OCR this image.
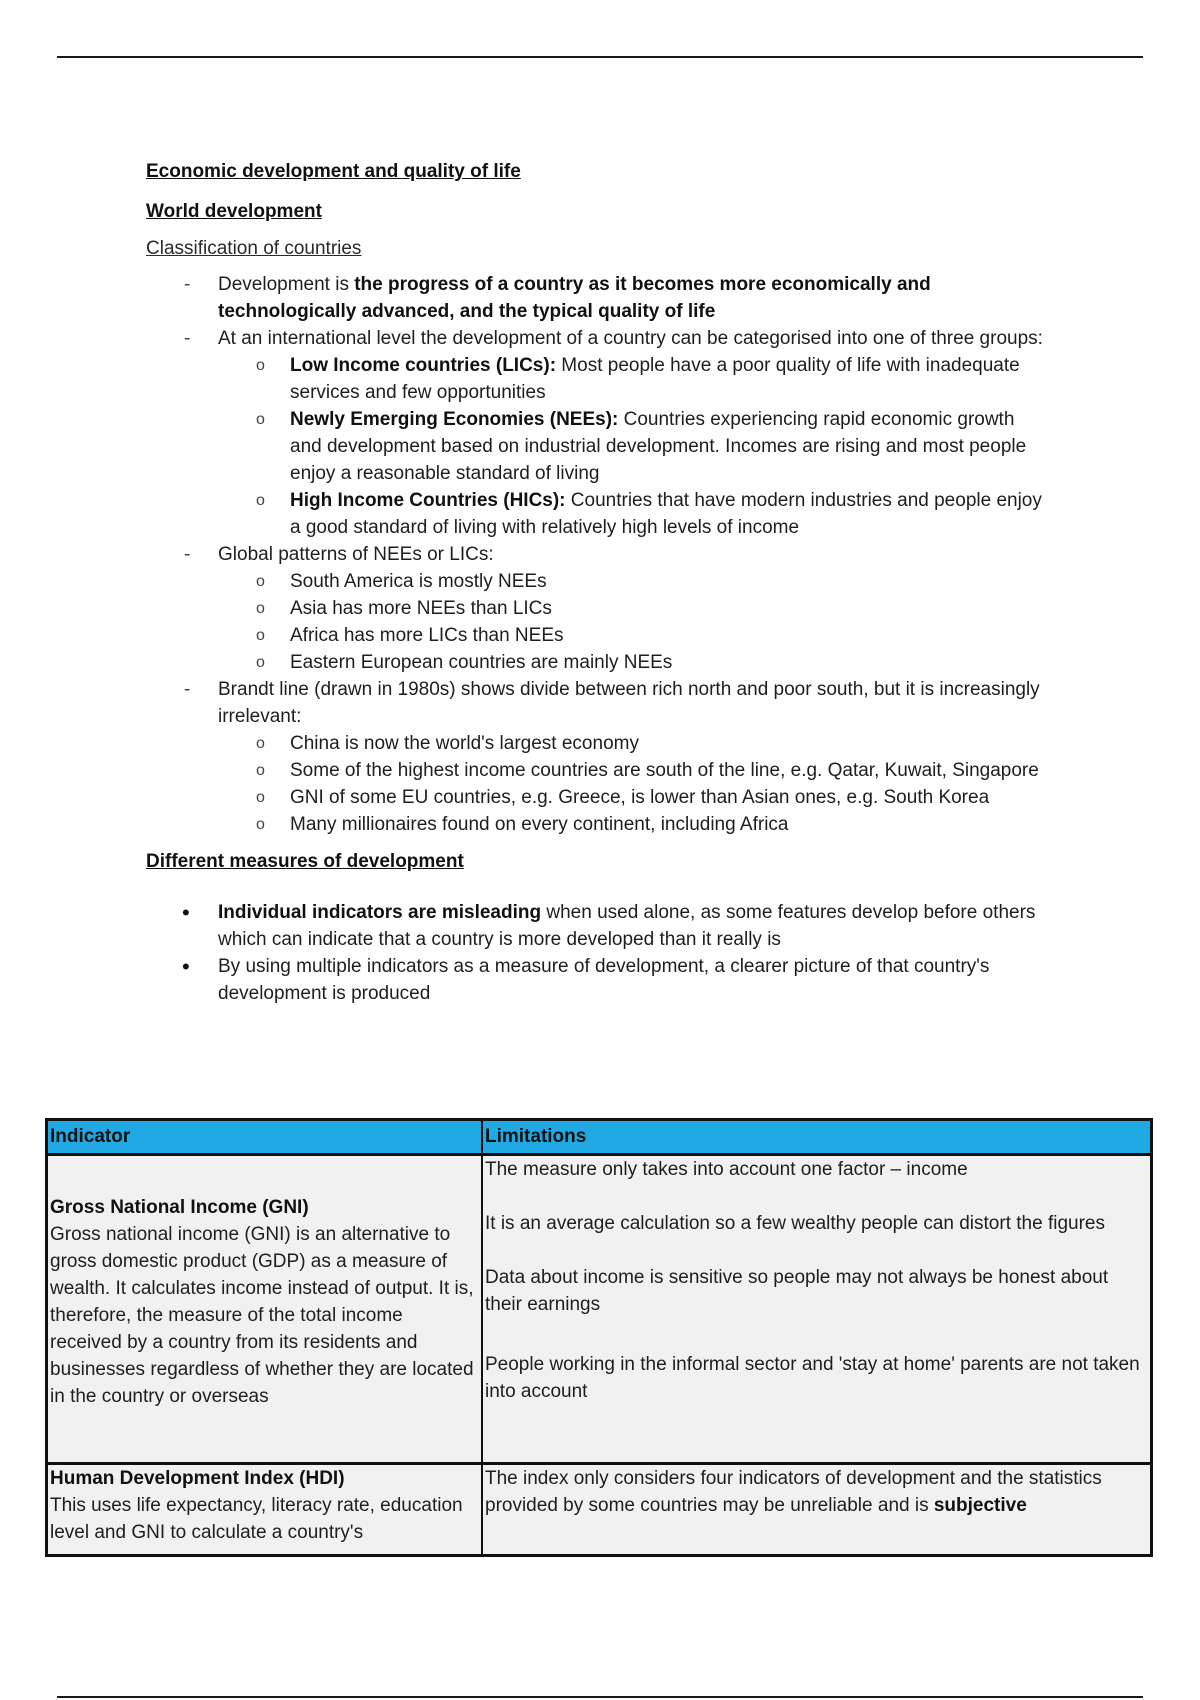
Economic development and quality of life
World development
Classification of countries
- Development is the progress of a country as it becomes more economically and technologically advanced, and the typical quality of life
- At an international level the development of a country can be categorised into one of three groups:
o Low Income countries (LICs): Most people have a poor quality of life with inadequate services and few opportunities
o Newly Emerging Economies (NEEs): Countries experiencing rapid economic growth and development based on industrial development. Incomes are rising and most people enjoy a reasonable standard of living
o High Income Countries (HICs): Countries that have modern industries and people enjoy a good standard of living with relatively high levels of income
- Global patterns of NEEs or LICs:
o South America is mostly NEEs
o Asia has more NEEs than LICs
o Africa has more LICs than NEEs
o Eastern European countries are mainly NEEs
- Brandt line (drawn in 1980s) shows divide between rich north and poor south, but it is increasingly irrelevant:
o China is now the world's largest economy
o Some of the highest income countries are south of the line, e.g. Qatar, Kuwait, Singapore
o GNI of some EU countries, e.g. Greece, is lower than Asian ones, e.g. South Korea
o Many millionaires found on every continent, including Africa
Different measures of development
• Individual indicators are misleading when used alone, as some features develop before others which can indicate that a country is more developed than it really is
• By using multiple indicators as a measure of development, a clearer picture of that country's development is produced
Indicator	Limitations
Gross National Income (GNI)
Gross national income (GNI) is an alternative to gross domestic product (GDP) as a measure of wealth. It calculates income instead of output. It is, therefore, the measure of the total income received by a country from its residents and businesses regardless of whether they are located in the country or overseas

The measure only takes into account one factor – income

It is an average calculation so a few wealthy people can distort the figures

Data about income is sensitive so people may not always be honest about their earnings

People working in the informal sector and 'stay at home' parents are not taken into account

Human Development Index (HDI)
This uses life expectancy, literacy rate, education level and GNI to calculate a country's
The index only considers four indicators of development and the statistics provided by some countries may be unreliable and is subjective
